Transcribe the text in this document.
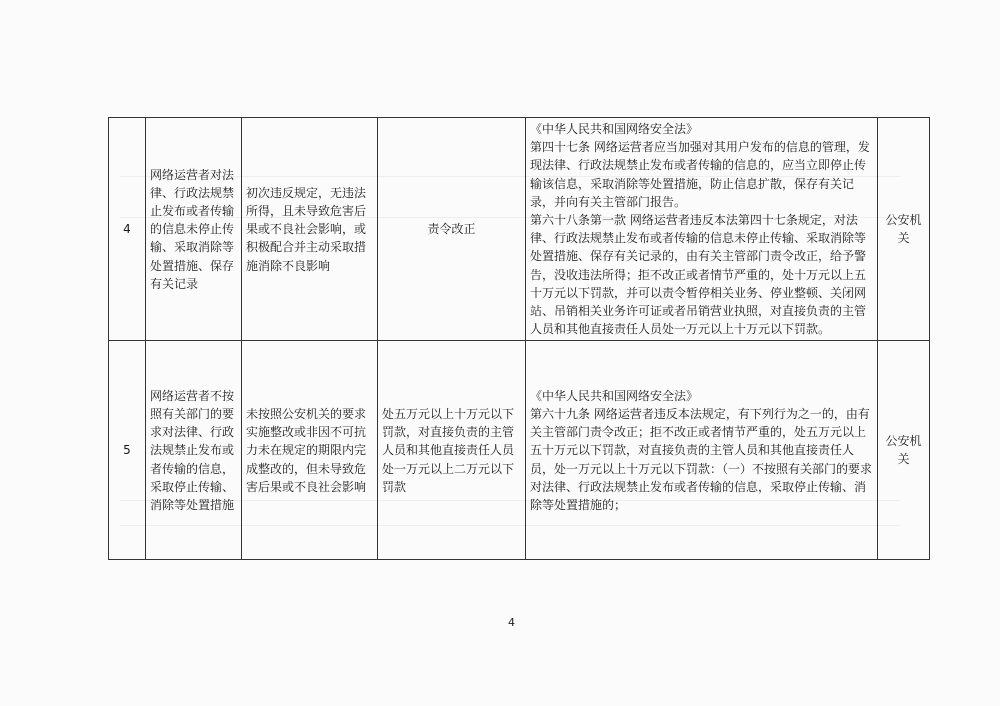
4	网络运营者对法律、行政法规禁止发布或者传输的信息未停止传输、采取消除等处置措施、保存有关记录	初次违反规定，无违法所得，且未导致危害后果或不良社会影响，或积极配合并主动采取措施消除不良影响	责令改正	《中华人民共和国网络安全法》

第四十七条 网络运营者应当加强对其用户发布的信息的管理，发现法律、行政法规禁止发布或者传输的信息的，应当立即停止传输该信息，采取消除等处置措施，防止信息扩散，保存有关记录，并向有关主管部门报告。

第六十八条第一款 网络运营者违反本法第四十七条规定，对法律、行政法规禁止发布或者传输的信息未停止传输、采取消除等处置措施、保存有关记录的，由有关主管部门责令改正，给予警告，没收违法所得；拒不改正或者情节严重的，处十万元以上五十万元以下罚款，并可以责令暂停相关业务、停业整顿、关闭网站、吊销相关业务许可证或者吊销营业执照，对直接负责的主管人员和其他直接责任人员处一万元以上十万元以下罚款。	公安机关
5	网络运营者不按照有关部门的要求对法律、行政法规禁止发布或者传输的信息，采取停止传输、消除等处置措施	未按照公安机关的要求实施整改或非因不可抗力未在规定的期限内完成整改的，但未导致危害后果或不良社会影响	处五万元以上十万元以下罚款，对直接负责的主管人员和其他直接责任人员处一万元以上二万元以下罚款	《中华人民共和国网络安全法》

第六十九条 网络运营者违反本法规定，有下列行为之一的，由有关主管部门责令改正；拒不改正或者情节严重的，处五万元以上五十万元以下罚款，对直接负责的主管人员和其他直接责任人员，处一万元以上十万元以下罚款：（一）不按照有关部门的要求对法律、行政法规禁止发布或者传输的信息，采取停止传输、消除等处置措施的；	公安机关
4
